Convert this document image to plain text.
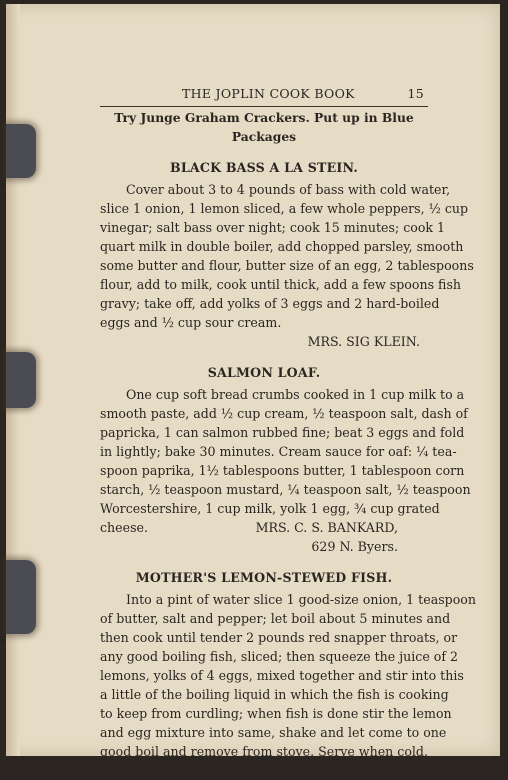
THE JOPLIN COOK BOOK	15
Try Junge Graham Crackers. Put up in Blue Packages
BLACK BASS A LA STEIN.
Cover about 3 to 4 pounds of bass with cold water,
slice 1 onion, 1 lemon sliced, a few whole peppers, ½ cup
vinegar; salt bass over night; cook 15 minutes; cook 1
quart milk in double boiler, add chopped parsley, smooth
some butter and flour, butter size of an egg, 2 tablespoons
flour, add to milk, cook until thick, add a few spoons fish
gravy; take off, add yolks of 3 eggs and 2 hard-boiled
eggs and ½ cup sour cream.
MRS. SIG KLEIN.
SALMON LOAF.
One cup soft bread crumbs cooked in 1 cup milk to a
smooth paste, add ½ cup cream, ½ teaspoon salt, dash of
papricka, 1 can salmon rubbed fine; beat 3 eggs and fold
in lightly; bake 30 minutes. Cream sauce for oaf: ¼ tea-
spoon paprika, 1½ tablespoons butter, 1 tablespoon corn
starch, ½ teaspoon mustard, ¼ teaspoon salt, ½ teaspoon
Worcestershire, 1 cup milk, yolk 1 egg, ¾ cup grated
cheese.	MRS. C. S. BANKARD,
629 N. Byers.
MOTHER'S LEMON-STEWED FISH.
Into a pint of water slice 1 good-size onion, 1 teaspoon
of butter, salt and pepper; let boil about 5 minutes and
then cook until tender 2 pounds red snapper throats, or
any good boiling fish, sliced; then squeeze the juice of 2
lemons, yolks of 4 eggs, mixed together and stir into this
a little of the boiling liquid in which the fish is cooking
to keep from curdling; when fish is done stir the lemon
and egg mixture into same, shake and let come to one
good boil and remove from stove. Serve when cold.
MRS. A. SCHERL.
